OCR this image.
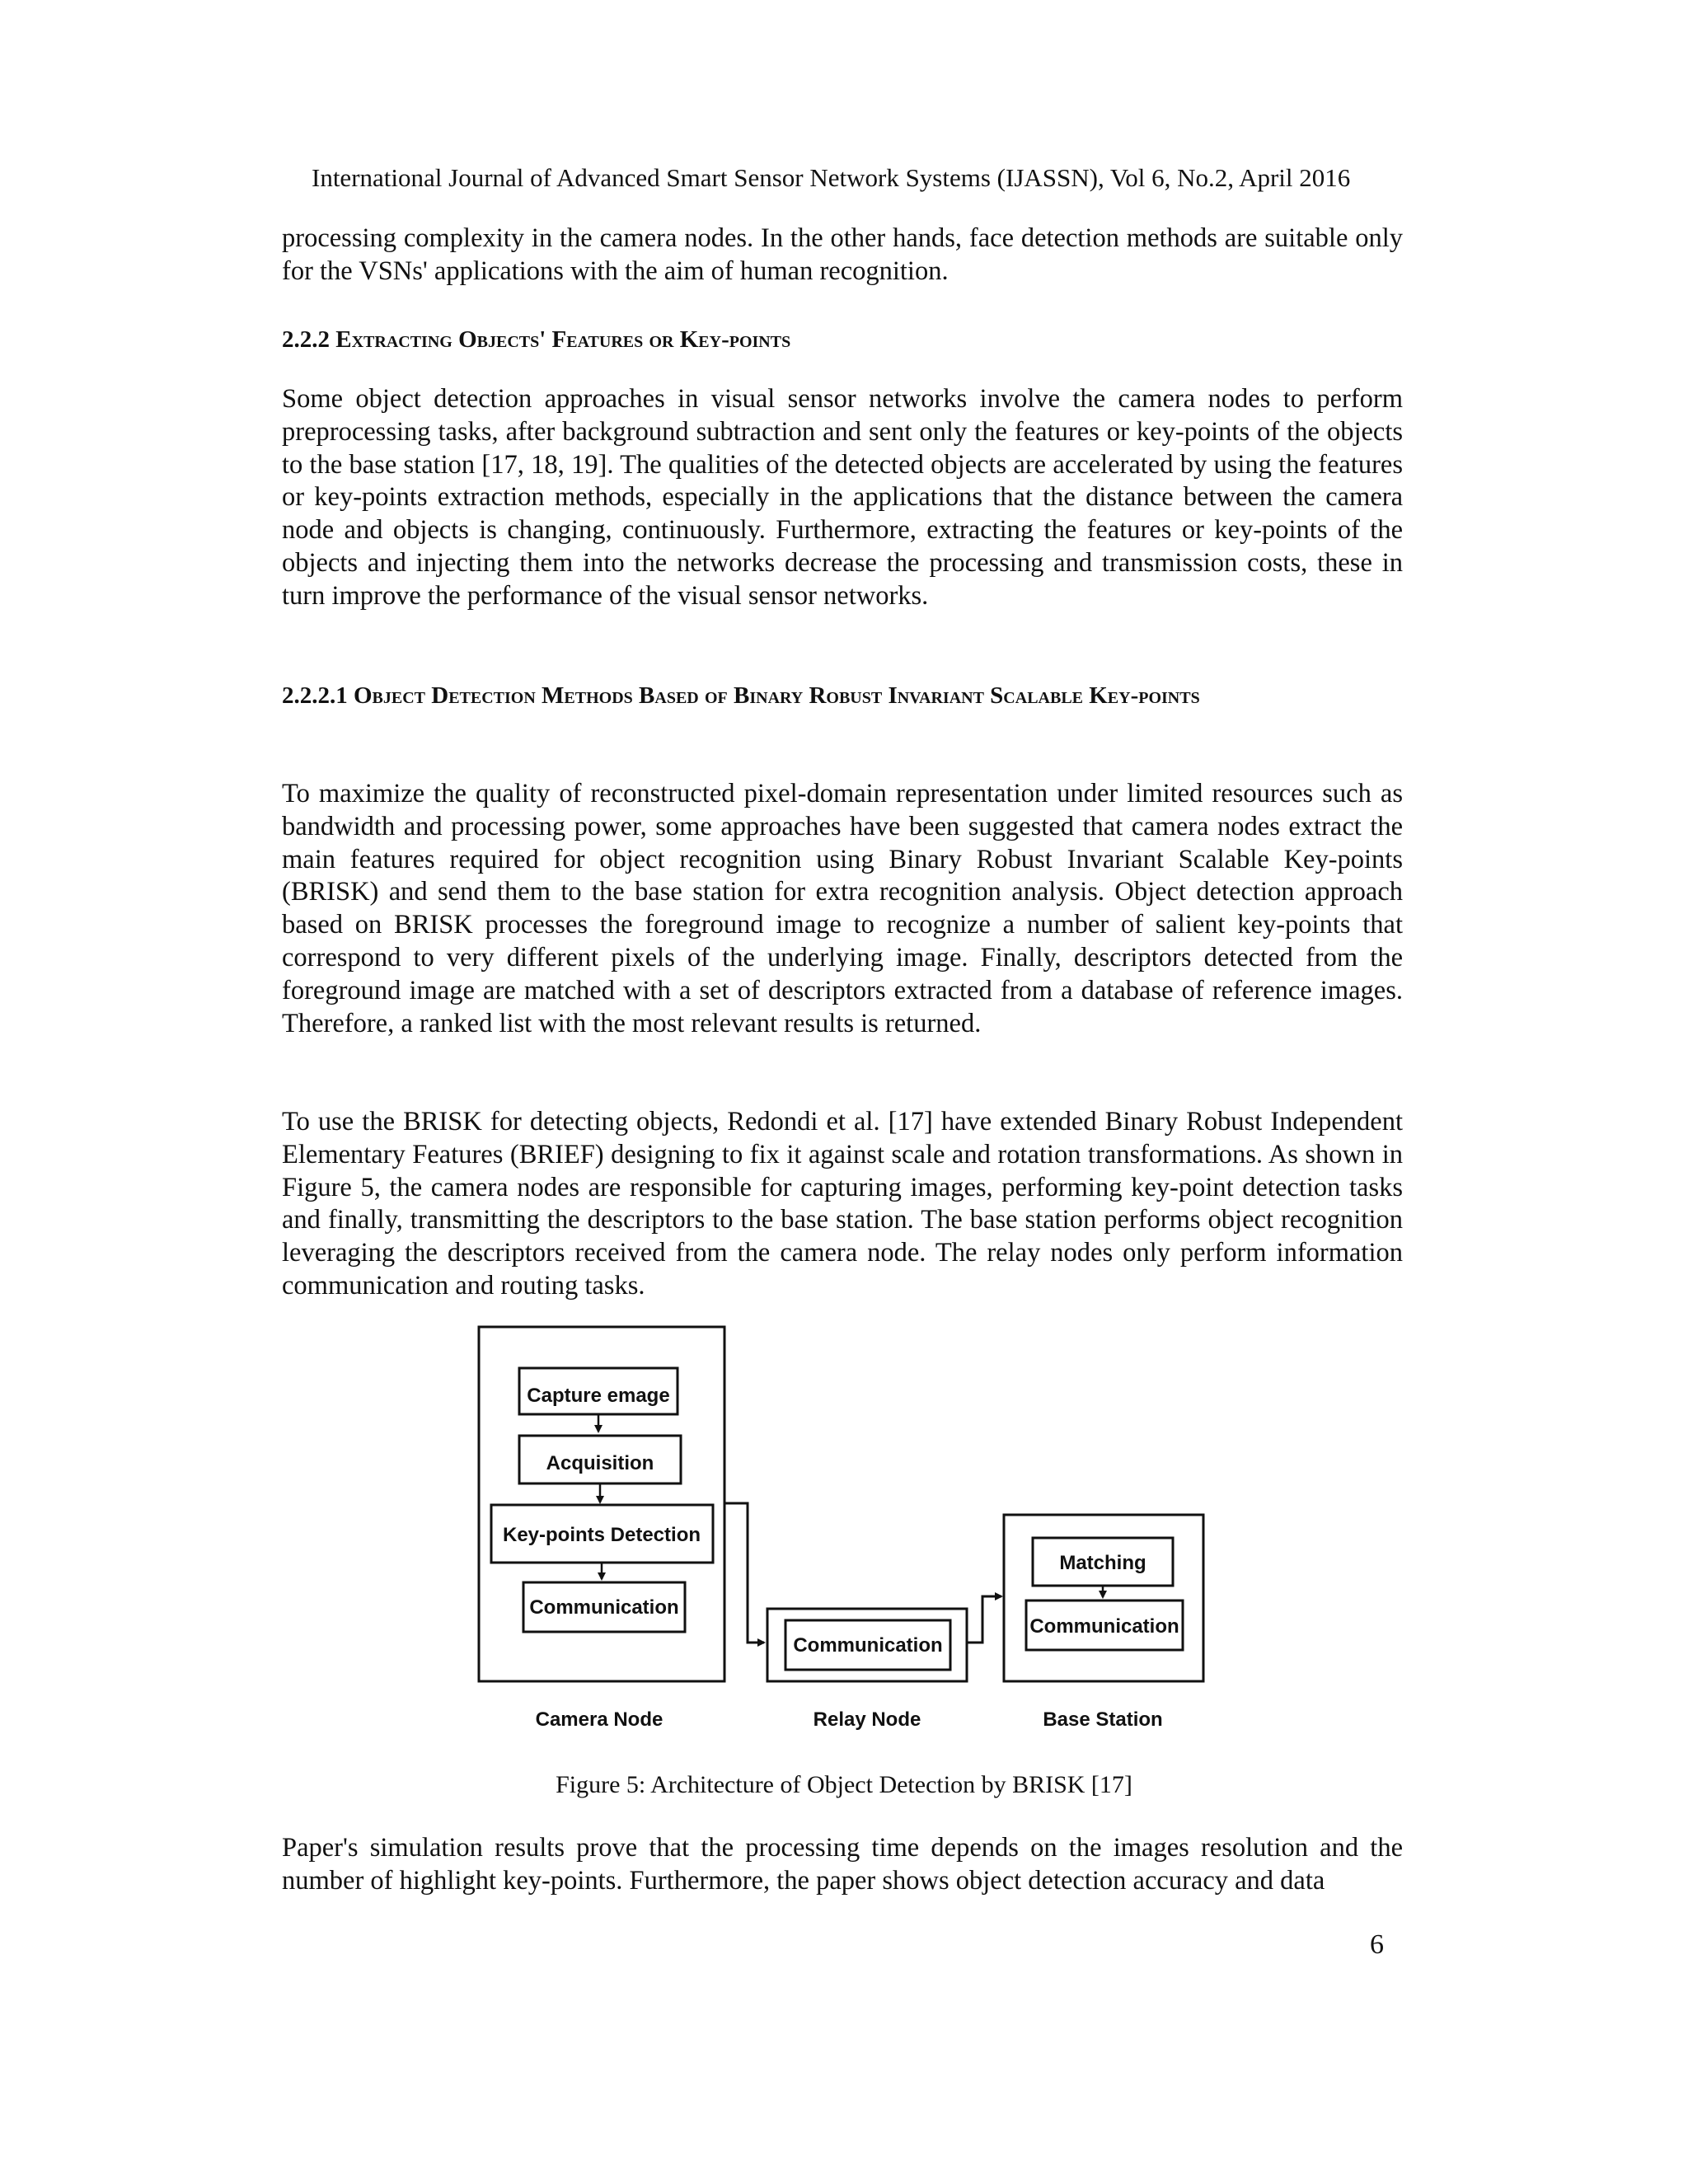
International Journal of Advanced Smart Sensor Network Systems (IJASSN), Vol 6, No.2, April 2016

processing complexity in the camera nodes. In the other hands, face detection methods are suitable only for the VSNs' applications with the aim of human recognition.

2.2.2 Extracting Objects' Features or Key-points

Some object detection approaches in visual sensor networks involve the camera nodes to perform preprocessing tasks, after background subtraction and sent only the features or key-points of the objects to the base station [17, 18, 19]. The qualities of the detected objects are accelerated by using the features or key-points extraction methods, especially in the applications that the distance between the camera node and objects is changing, continuously. Furthermore, extracting the features or key-points of the objects and injecting them into the networks decrease the processing and transmission costs, these in turn improve the performance of the visual sensor networks.

2.2.2.1 Object Detection Methods Based of Binary Robust Invariant Scalable Key-points

To maximize the quality of reconstructed pixel-domain representation under limited resources such as bandwidth and processing power, some approaches have been suggested that camera nodes extract the main features required for object recognition using Binary Robust Invariant Scalable Key-points (BRISK) and send them to the base station for extra recognition analysis. Object detection approach based on BRISK processes the foreground image to recognize a number of salient key-points that correspond to very different pixels of the underlying image. Finally, descriptors detected from the foreground image are matched with a set of descriptors extracted from a database of reference images. Therefore, a ranked list with the most relevant results is returned.

To use the BRISK for detecting objects, Redondi et al. [17] have extended Binary Robust Independent Elementary Features (BRIEF) designing to fix it against scale and rotation transformations. As shown in Figure 5, the camera nodes are responsible for capturing images, performing key-point detection tasks and finally, transmitting the descriptors to the base station. The base station performs object recognition leveraging the descriptors received from the camera node. The relay nodes only perform information communication and routing tasks.

Capture emage
Acquisition
Key-points Detection
Communication
Communication
Matching
Communication
Camera Node	Relay Node	Base Station
Figure 5: Architecture of Object Detection by BRISK [17]

Paper's simulation results prove that the processing time depends on the images resolution and the number of highlight key-points. Furthermore, the paper shows object detection accuracy and data

6
